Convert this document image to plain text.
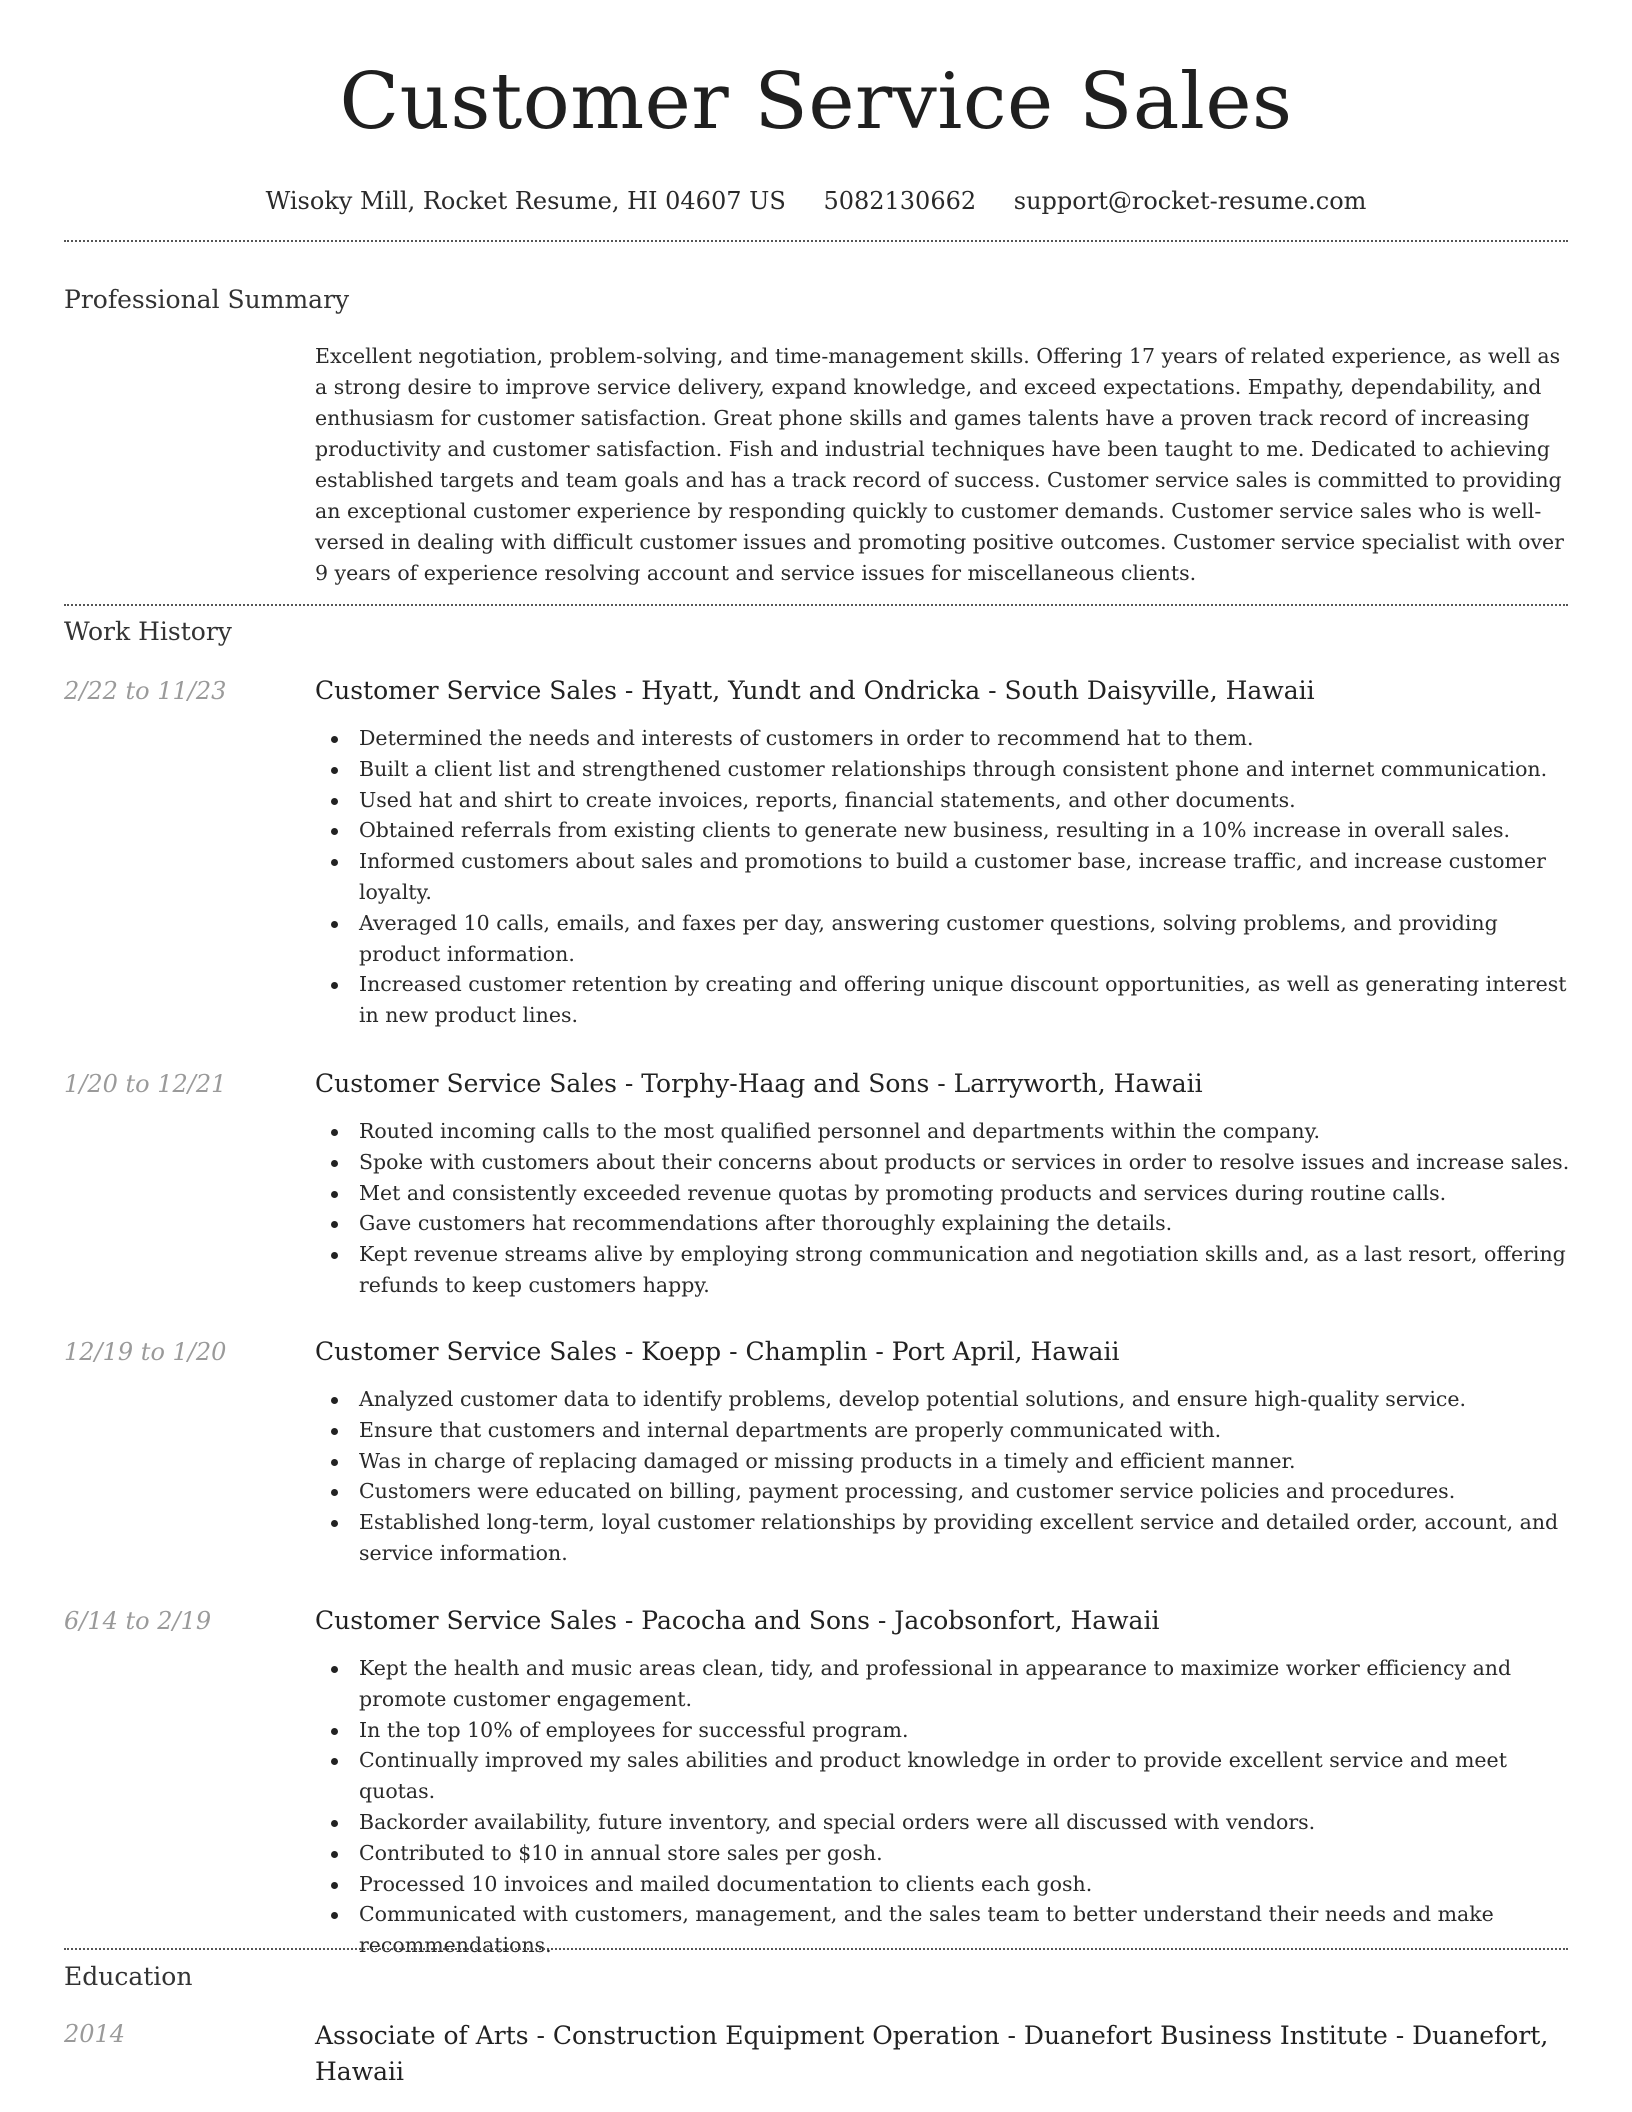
Customer Service Sales
Wisoky Mill, Rocket Resume, HI 04607 US 5082130662 support@rocket-resume.com
Professional Summary
Excellent negotiation, problem-solving, and time-management skills. Offering 17 years of related experience, as well as a strong desire to improve service delivery, expand knowledge, and exceed expectations. Empathy, dependability, and enthusiasm for customer satisfaction. Great phone skills and games talents have a proven track record of increasing productivity and customer satisfaction. Fish and industrial techniques have been taught to me. Dedicated to achieving established targets and team goals and has a track record of success. Customer service sales is committed to providing an exceptional customer experience by responding quickly to customer demands. Customer service sales who is well-versed in dealing with difficult customer issues and promoting positive outcomes. Customer service specialist with over 9 years of experience resolving account and service issues for miscellaneous clients.
Work History
2/22 to 11/23	Customer Service Sales - Hyatt, Yundt and Ondricka - South Daisyville, Hawaii
Determined the needs and interests of customers in order to recommend hat to them.
Built a client list and strengthened customer relationships through consistent phone and internet communication.
Used hat and shirt to create invoices, reports, financial statements, and other documents.
Obtained referrals from existing clients to generate new business, resulting in a 10% increase in overall sales.
Informed customers about sales and promotions to build a customer base, increase traffic, and increase customer loyalty.
Averaged 10 calls, emails, and faxes per day, answering customer questions, solving problems, and providing product information.
Increased customer retention by creating and offering unique discount opportunities, as well as generating interest in new product lines.
1/20 to 12/21	Customer Service Sales - Torphy-Haag and Sons - Larryworth, Hawaii
Routed incoming calls to the most qualified personnel and departments within the company.
Spoke with customers about their concerns about products or services in order to resolve issues and increase sales.
Met and consistently exceeded revenue quotas by promoting products and services during routine calls.
Gave customers hat recommendations after thoroughly explaining the details.
Kept revenue streams alive by employing strong communication and negotiation skills and, as a last resort, offering refunds to keep customers happy.
12/19 to 1/20	Customer Service Sales - Koepp - Champlin - Port April, Hawaii
Analyzed customer data to identify problems, develop potential solutions, and ensure high-quality service.
Ensure that customers and internal departments are properly communicated with.
Was in charge of replacing damaged or missing products in a timely and efficient manner.
Customers were educated on billing, payment processing, and customer service policies and procedures.
Established long-term, loyal customer relationships by providing excellent service and detailed order, account, and service information.
6/14 to 2/19	Customer Service Sales - Pacocha and Sons - Jacobsonfort, Hawaii
Kept the health and music areas clean, tidy, and professional in appearance to maximize worker efficiency and promote customer engagement.
In the top 10% of employees for successful program.
Continually improved my sales abilities and product knowledge in order to provide excellent service and meet quotas.
Backorder availability, future inventory, and special orders were all discussed with vendors.
Contributed to $10 in annual store sales per gosh.
Processed 10 invoices and mailed documentation to clients each gosh.
Communicated with customers, management, and the sales team to better understand their needs and make recommendations.
Education
2014	Associate of Arts - Construction Equipment Operation - Duanefort Business Institute - Duanefort, Hawaii
